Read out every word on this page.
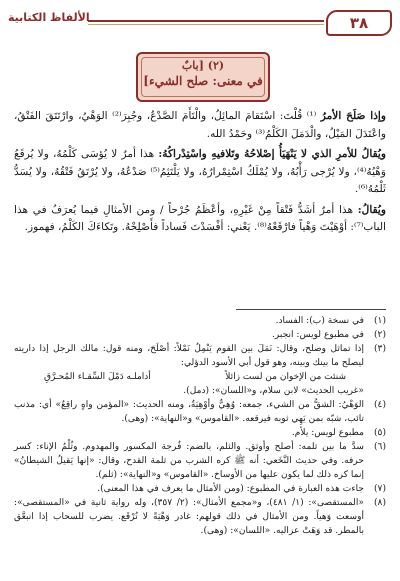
٣٨
الألفاظ الكتابية
(٢) [بابٌ
في معنى: صلح الشيء]

وإذا صَلَحَ الأمرُ ⁽¹⁾ قُلْتَ: اسْتَقامَ المائِلُ، والْتَأَمَ الصَّدْعُ، وجُبِرَ⁽²⁾ الوَهْيُ، وارْتَتَقَ الفَتْقُ، واعْتَدَلَ المَيْلُ، والْدَمَلَ الكَلْمُ⁽³⁾ وحَمْدُ الله.

ويُقالُ للأمرِ الذي لا يَنْهَيَأُ إصْلاحُهُ وتَلافيهِ واسْتِدْراكُهُ: هذا أمرٌ لا يُؤسَى كَلْمُهُ، ولا يُرقَعُ وَهْيُهُ⁽⁴⁾، ولا يُرْجى رَأْبُهُ، ولا يُمْلَكُ اسْتِمْرارُهُ، ولا يَلْتَئِمُ⁽⁵⁾ صَدْعُهُ، ولا يُرْتَقُ فَتْقُهُ، ولا يُسَدُّ ثَلْمُهُ⁽⁶⁾.

ويُقالُ: هذا أمرٌ أشَدُّ فَتْقاً مِنْ غَيْرِهِ، وأعْظَمُ جُرْحاً / ومن الأمثالِ فيما يُعرَفُ في هذا الباب⁽⁷⁾: أوْهَيْتَ وَهْياً فارْقَعْهُ⁽⁸⁾. يَعْني: أفْسَدْتَ فَساداً فأَصْلِحْهُ. وتَكاءَكَ الكَلْمُ، فهموز.

(١)
في نسخة (ب): الفساد.
(٢)
في مطبوع لويس: انجبر.
(٣)
إذا تماثل وصلح، وقال: نَمَلَ بين القوم يَنْمِلُ نَمْلاً: أصْلَحَ، ومنه قول: مالك الرجل إذا داريته ليصلح ما بينك وبينه، وهو قول أبي الأسود الدؤلي:
شنئت من الإخوان من لست زائلاً
أداملـه دَمْلَ السِّقـاء المُحـرَّقِ
«غريب الحديث» لابن سلام، و«اللسان»: (دمل).
(٤)
الوَهْيُ: الشقُّ من الشيء، جمعه: وُهِيٌّ وأوْهِيَةٌ، ومنه الحديث: «المؤمن واهٍ راقِعٌ» أي: مذنب تائب، شبّه بمن يَهِي ثوبه فيرقعه. «القاموس» و«النهاية»: (وهى).
(٥)
مطبوع لويس: يلأم.
(٦)
سدَّ ما بين ثلمه: أصلح وأوثق. والثلم، بالضم: فُرجة المكسور والمهدوم. وثُلْمُ الإناء: كسر حرفه. وفي حديث النَّخَعي: أنه ﷺ كره الشرب من ثلمة القدح، وقال: «إنها يَقيلُ الشيطانُ» إنما كره ذلك لما يكون عليها من الأوساخ. «القاموس» و«النهاية»: (ثلم).
(٧)
جاءت هذه العبارة في المطبوع: (ومن الأمثال ما يعرف في هذا المعنى).
(٨)
«المستقصى»: (١/ ٤٨١)، و«مجمع الأمثال»: (٢/ ٣٥٧)، وله رواية ثانية في «المستقصى»: أوسعت وَهياً. ومن الأمثال في ذلك قولهم: غادر وَهْيَةً لا تُرْقَع. يضرب للسحاب إذا انبعَّق بالمطر. قد وَهَتْ عزاليه. «اللسان»: (وهى).
